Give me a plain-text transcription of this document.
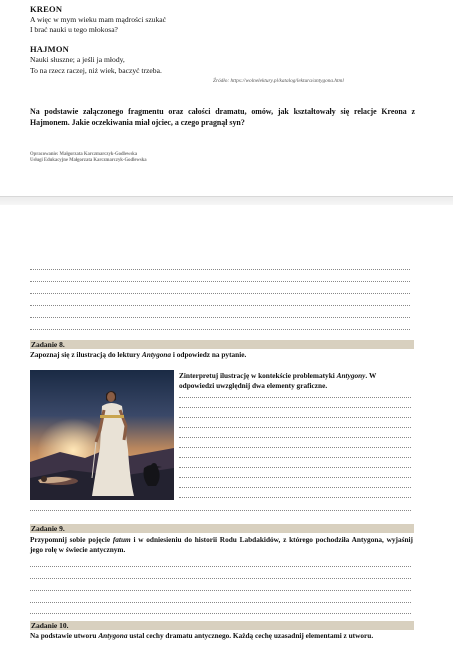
KREON
A więc w mym wieku mam mądrości szukać
I brać nauki u tego młokosa?
HAJMON
Nauki słuszne; a jeśli ja młody,
To na rzecz raczej, niż wiek, baczyć trzeba.
Źródło: https://wolnelektury.pl/katalog/lektura/antygona.html
Na podstawie załączonego fragmentu oraz całości dramatu, omów, jak kształtowały się relacje Kreona z Hajmonem. Jakie oczekiwania miał ojciec, a czego pragnął syn?
Opracowanie: Małgorzata Karczmarczyk-Godlewska
Usługi Edukacyjne Małgorzata Karczmarczyk-Godlewska
Zadanie 8.
Zapoznaj się z ilustracją do lektury Antygona i odpowiedz na pytanie.
Zinterpretuj ilustrację w kontekście problematyki Antygony. W odpowiedzi uwzględnij dwa elementy graficzne.
Zadanie 9.
Przypomnij sobie pojęcie fatum i w odniesieniu do historii Rodu Labdakidów, z którego pochodziła Antygona, wyjaśnij jego rolę w świecie antycznym.
Zadanie 10.
Na podstawie utworu Antygona ustal cechy dramatu antycznego. Każdą cechę uzasadnij elementami z utworu.
